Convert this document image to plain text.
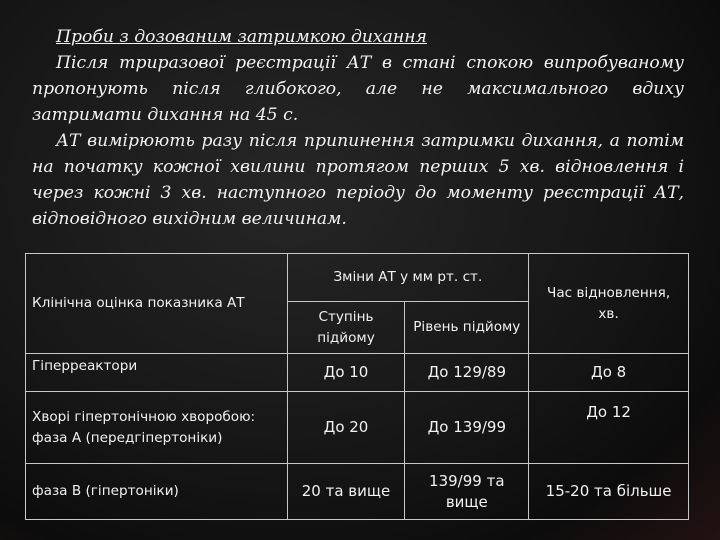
Проби з дозованим затримкою дихання

Після триразової реєстрації АТ в стані спокою випробуваному пропонують після глибокого, але не максимального вдиху затримати дихання на 45 с.

АТ вимірюють разу після припинення затримки дихання, а потім на початку кожної хвилини протягом перших 5 хв. відновлення і через кожні 3 хв. наступного періоду до моменту реєстрації АТ, відповідного вихідним величинам.

Клінічна оцінка показника АТ	Зміни АТ у мм рт. ст.		Час відновлення, хв.
	Ступінь підйому	Рівень підйому	
Гіперреактори	До 10	До 129/89	До 8
Хворі гіпертонічною хворобою: фаза А (передгіпертоніки)	До 20	До 139/99	До 12
фаза В (гіпертоніки)	20 та вище	139/99 та вище	15-20 та більше
